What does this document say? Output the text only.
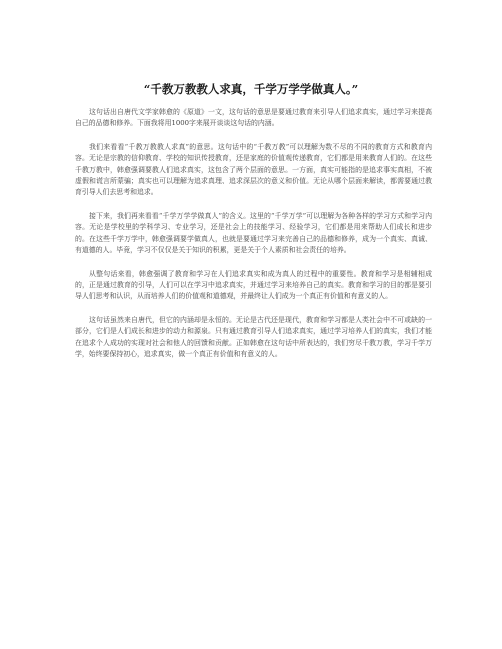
“千教万教教人求真，千学万学学做真人。”

这句话出自唐代文学家韩愈的《原道》一文，这句话的意思是要通过教育来引导人们追求真实，通过学习来提高自己的品德和修养。下面我将用1000字来展开谈谈这句话的内涵。

我们来看看“千教万教教人求真”的意思。这句话中的“千教万教”可以理解为数不尽的不同的教育方式和教育内容。无论是宗教的信仰教育、学校的知识传授教育，还是家庭的价值观传递教育，它们都是用来教育人们的。在这些千教万教中，韩愈强调要教人们追求真实，这包含了两个层面的意思。一方面，真实可能指的是追求事实真相，不被虚假和谎言所蒙骗；真实也可以理解为追求真理、追求深层次的意义和价值。无论从哪个层面来解读，都需要通过教育引导人们去思考和追求。

接下来，我们再来看看“千学万学学做真人”的含义。这里的“千学万学”可以理解为各种各样的学习方式和学习内容。无论是学校里的学科学习、专业学习，还是社会上的技能学习、经验学习，它们都是用来帮助人们成长和进步的。在这些千学万学中，韩愈强调要学做真人，也就是要通过学习来完善自己的品德和修养，成为一个真实、真诚、有道德的人。毕竟，学习不仅仅是关于知识的积累，更是关于个人素质和社会责任的培养。

从整句话来看，韩愈强调了教育和学习在人们追求真实和成为真人的过程中的重要性。教育和学习是相辅相成的，正是通过教育的引导，人们可以在学习中追求真实，并通过学习来培养自己的真实。教育和学习的目的都是要引导人们思考和认识，从而培养人们的价值观和道德观，并最终让人们成为一个真正有价值和有意义的人。

这句话虽然来自唐代，但它的内涵却是永恒的。无论是古代还是现代，教育和学习都是人类社会中不可或缺的一部分，它们是人们成长和进步的动力和源泉。只有通过教育引导人们追求真实，通过学习培养人们的真实，我们才能在追求个人成功的实现对社会和他人的回馈和贡献。正如韩愈在这句话中所表达的，我们穷尽千教万教，学习千学万学，始终要保持初心，追求真实，做一个真正有价值和有意义的人。
